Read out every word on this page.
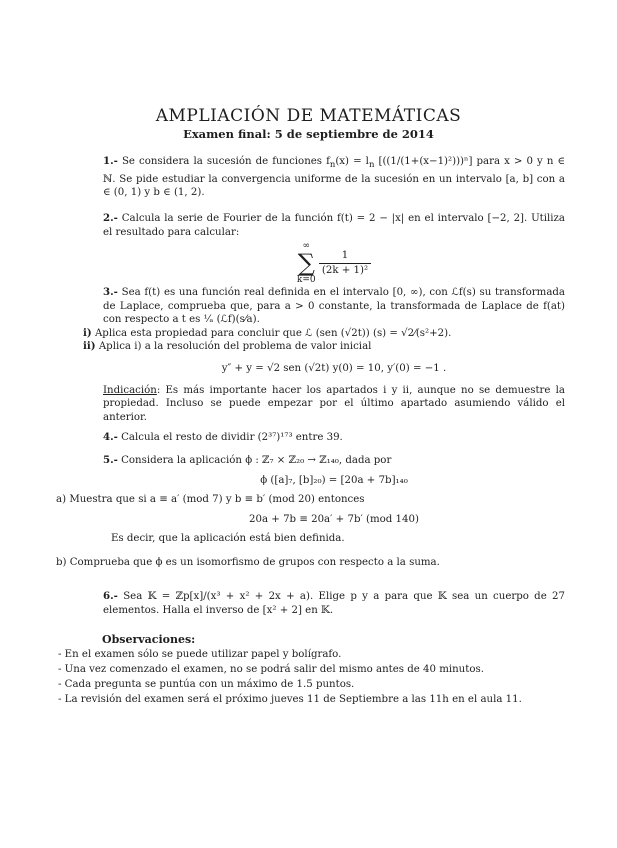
AMPLIACIÓN DE MATEMÁTICAS
Examen final: 5 de septiembre de 2014
1.- Se considera la sucesión de funciones $f_n(x) = l_n$ [((1/(1+(x−1)²)))ⁿ] para x > 0 y n ∈ ℕ. Se pide estudiar la convergencia uniforme de la sucesión en un intervalo [a, b] con a ∈ (0, 1) y b ∈ (1, 2).
2.- Calcula la serie de Fourier de la función f(t) = 2 − |x| en el intervalo [−2, 2]. Utiliza el resultado para calcular:
∞
∑
k=0

$\frac{1}{\text{(2k + 1)²}}$
3.- Sea f(t) es una función real definida en el intervalo [0, ∞), con ℒf(s) su transformada de Laplace, comprueba que, para a > 0 constante, la transformada de Laplace de f(at) con respecto a t es ¹⁄ₐ (ℒf)(s⁄a).
i) Aplica esta propiedad para concluir que ℒ (sen (√2t)) (s) = √2⁄(s²+2).
ii) Aplica i) a la resolución del problema de valor inicial
y″ + y = √2 sen (√2t) y(0) = 10, y′(0) = −1 .
Indicación: Es más importante hacer los apartados i y ii, aunque no se demuestre la propiedad. Incluso se puede empezar por el último apartado asumiendo válido el anterior.
4.- Calcula el resto de dividir (2³⁷)¹⁷³ entre 39.
5.- Considera la aplicación ϕ : ℤ₇ × ℤ₂₀ → ℤ₁₄₀, dada por
ϕ ([a]₇, [b]₂₀) = [20a + 7b]₁₄₀
a) Muestra que si a ≡ a′ (mod 7) y b ≡ b′ (mod 20) entonces
20a + 7b ≡ 20a′ + 7b′ (mod 140)
Es decir, que la aplicación está bien definida.
b) Comprueba que ϕ es un isomorfismo de grupos con respecto a la suma.
6.- Sea 𝕂 = ℤp[x]/(x³ + x² + 2x + a). Elige p y a para que 𝕂 sea un cuerpo de 27 elementos. Halla el inverso de [x² + 2] en 𝕂.
Observaciones:
- En el examen sólo se puede utilizar papel y bolígrafo.
- Una vez comenzado el examen, no se podrá salir del mismo antes de 40 minutos.
- Cada pregunta se puntúa con un máximo de 1.5 puntos.
- La revisión del examen será el próximo jueves 11 de Septiembre a las 11h en el aula 11.
